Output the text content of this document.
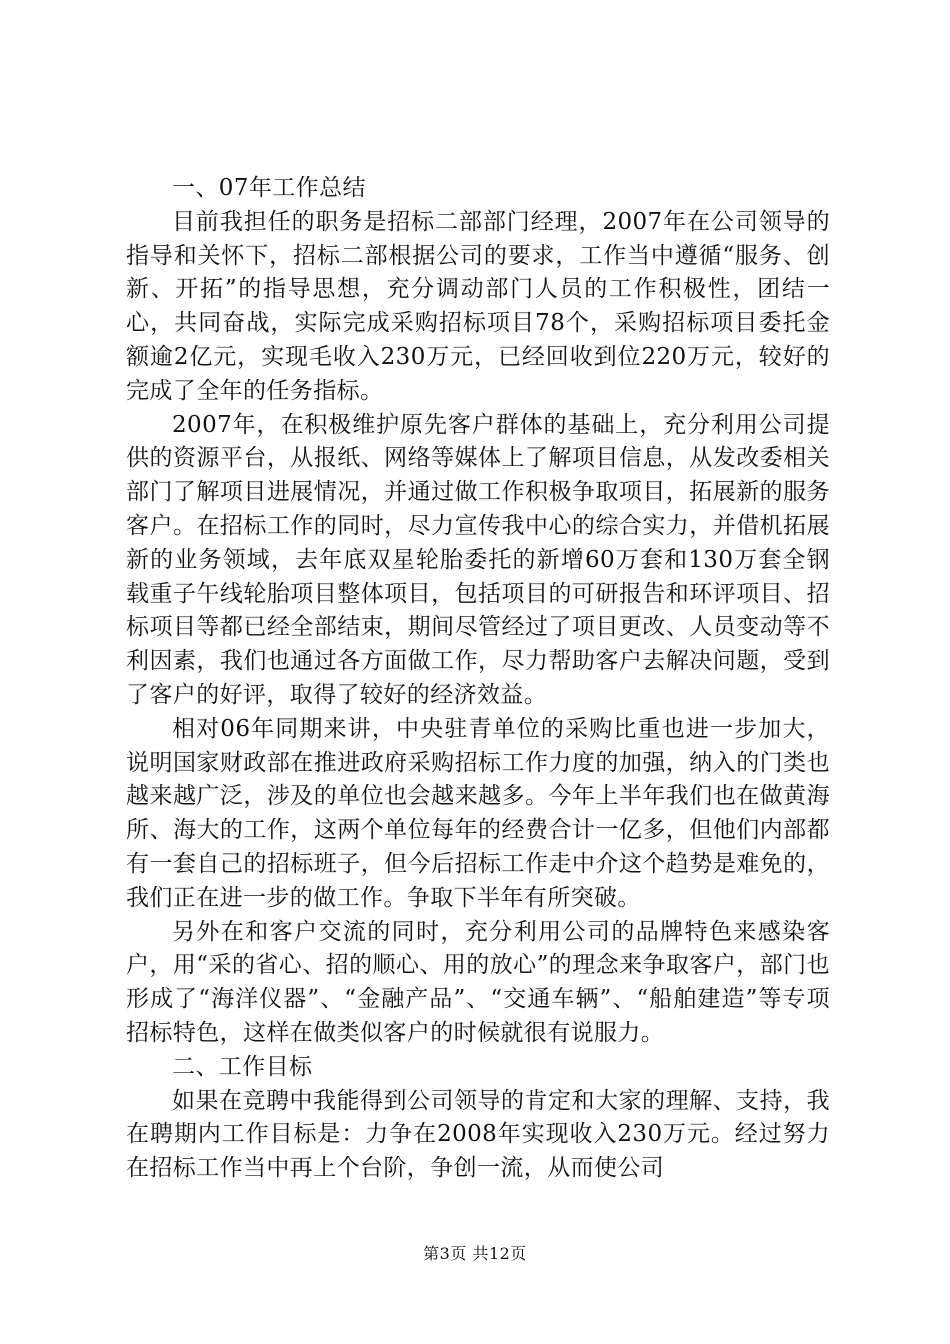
一、07年工作总结

目前我担任的职务是招标二部部门经理，2007年在公司领导的指导和关怀下，招标二部根据公司的要求，工作当中遵循“服务、创新、开拓”的指导思想，充分调动部门人员的工作积极性，团结一心，共同奋战，实际完成采购招标项目78个，采购招标项目委托金额逾2亿元，实现毛收入230万元，已经回收到位220万元，较好的完成了全年的任务指标。

2007年，在积极维护原先客户群体的基础上，充分利用公司提供的资源平台，从报纸、网络等媒体上了解项目信息，从发改委相关部门了解项目进展情况，并通过做工作积极争取项目，拓展新的服务客户。在招标工作的同时，尽力宣传我中心的综合实力，并借机拓展新的业务领域，去年底双星轮胎委托的新增60万套和130万套全钢载重子午线轮胎项目整体项目，包括项目的可研报告和环评项目、招标项目等都已经全部结束，期间尽管经过了项目更改、人员变动等不利因素，我们也通过各方面做工作，尽力帮助客户去解决问题，受到了客户的好评，取得了较好的经济效益。

相对06年同期来讲，中央驻青单位的采购比重也进一步加大，说明国家财政部在推进政府采购招标工作力度的加强，纳入的门类也越来越广泛，涉及的单位也会越来越多。今年上半年我们也在做黄海所、海大的工作，这两个单位每年的经费合计一亿多，但他们内部都有一套自己的招标班子，但今后招标工作走中介这个趋势是难免的，我们正在进一步的做工作。争取下半年有所突破。

另外在和客户交流的同时，充分利用公司的品牌特色来感染客户，用“采的省心、招的顺心、用的放心”的理念来争取客户，部门也形成了“海洋仪器”、“金融产品”、“交通车辆”、“船舶建造”等专项招标特色，这样在做类似客户的时候就很有说服力。

二、工作目标

如果在竞聘中我能得到公司领导的肯定和大家的理解、支持，我在聘期内工作目标是：力争在2008年实现收入230万元。经过努力在招标工作当中再上个台阶，争创一流，从而使公司

第3页 共12页
